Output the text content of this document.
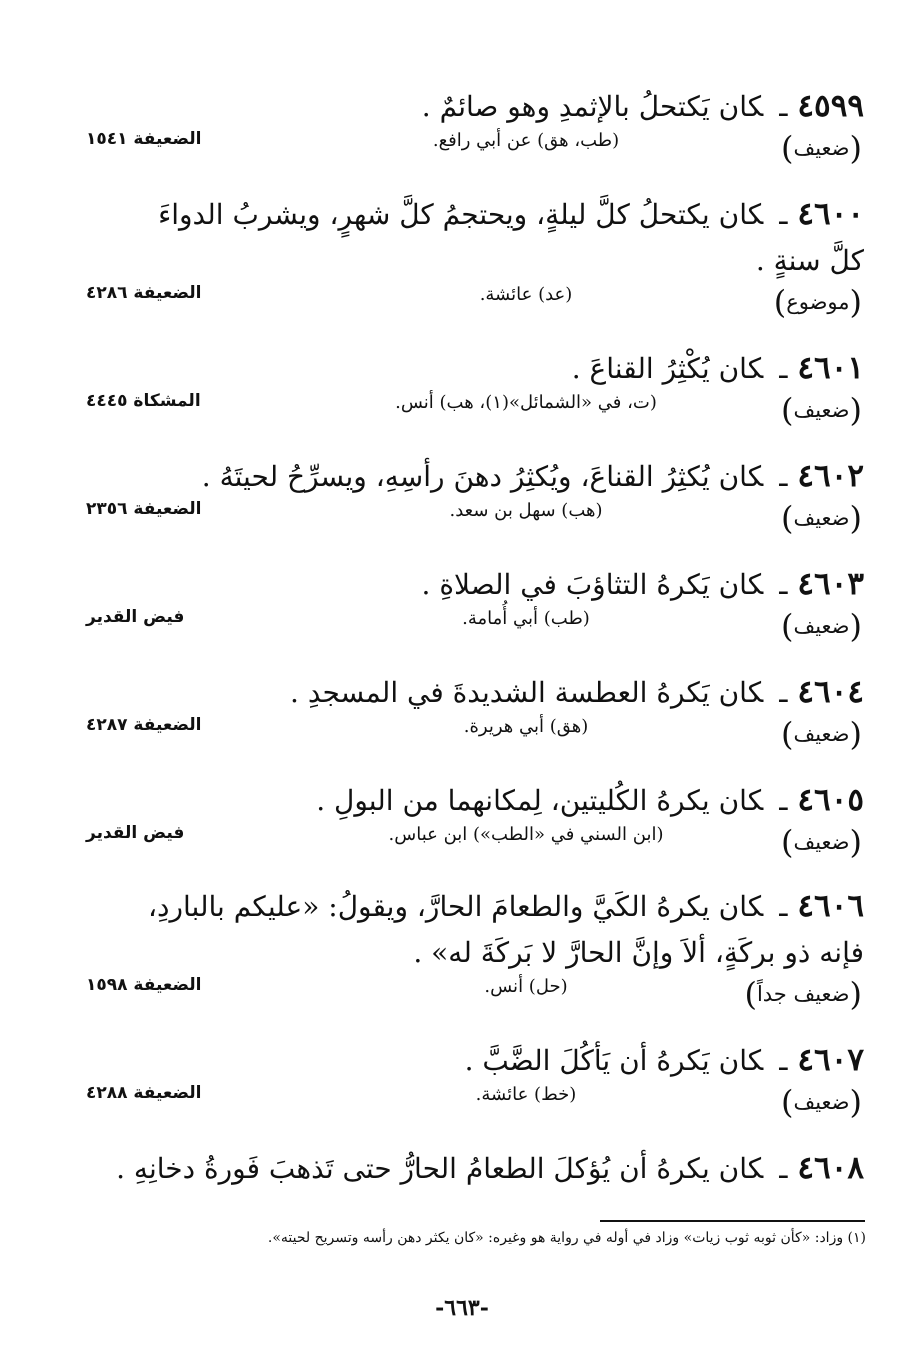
٤٥٩٩ـكان يَكتحلُ بالإثمدِ وهو صائمٌ .
(ضعيف)
(طب، هق) عن أبي رافع.
الضعيفة ١٥٤١
٤٦٠٠ـكان يكتحلُ كلَّ ليلةٍ، ويحتجمُ كلَّ شهرٍ، ويشربُ الدواءَ
كلَّ سنةٍ .
(موضوع)
(عد) عائشة.
الضعيفة ٤٢٨٦
٤٦٠١ـكان يُكْثِرُ القناعَ .
(ضعيف)
(ت، في «الشمائل»(١)، هب) أنس.
المشكاة ٤٤٤٥
٤٦٠٢ـكان يُكثِرُ القناعَ، ويُكثِرُ دهنَ رأسِهِ، ويسرِّحُ لحيتَهُ .
(ضعيف)
(هب) سهل بن سعد.
الضعيفة ٢٣٥٦
٤٦٠٣ـكان يَكرهُ التثاؤبَ في الصلاةِ .
(ضعيف)
(طب) أبي أُمامة.
فيض القدير
٤٦٠٤ـكان يَكرهُ العطسة الشديدةَ في المسجدِ .
(ضعيف)
(هق) أبي هريرة.
الضعيفة ٤٢٨٧
٤٦٠٥ـكان يكرهُ الكُليتين، لِمكانهما من البولِ .
(ضعيف)
(ابن السني في «الطب») ابن عباس.
فيض القدير
٤٦٠٦ـكان يكرهُ الكَيَّ والطعامَ الحارَّ، ويقولُ: «عليكم بالباردِ،
فإنه ذو بركَةٍ، ألاَ وإنَّ الحارَّ لا بَركَةَ له» .
(ضعيف جداً)
(حل) أنس.
الضعيفة ١٥٩٨
٤٦٠٧ـكان يَكرهُ أن يَأكُلَ الضَّبَّ .
(ضعيف)
(خط) عائشة.
الضعيفة ٤٢٨٨
٤٦٠٨ـكان يكرهُ أن يُؤكلَ الطعامُ الحارُّ حتى تَذهبَ فَورةُ دخانِهِ .
(١) وزاد: «كأن ثوبه ثوب زيات» وزاد في أوله في رواية هو وغيره: «كان يكثر دهن رأسه وتسريح لحيته».
-٦٦٣-
